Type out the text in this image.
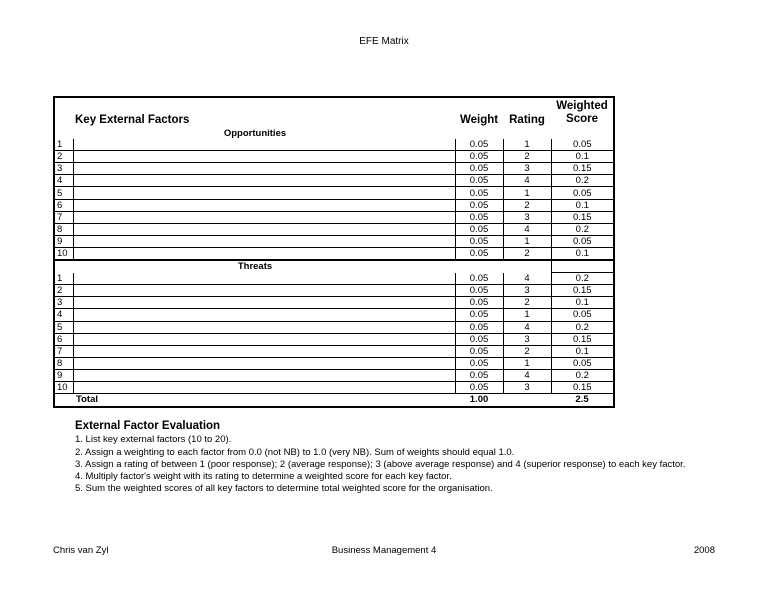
EFE Matrix
Key External Factors		Weight	Rating	Weighted
Score
Opportunities				
1		0.05	1	0.05
2		0.05	2	0.1
3		0.05	3	0.15
4		0.05	4	0.2
5		0.05	1	0.05
6		0.05	2	0.1
7		0.05	3	0.15
8		0.05	4	0.2
9		0.05	1	0.05
10		0.05	2	0.1
Threats				
1		0.05	4	0.2
2		0.05	3	0.15
3		0.05	2	0.1
4		0.05	1	0.05
5		0.05	4	0.2
6		0.05	3	0.15
7		0.05	2	0.1
8		0.05	1	0.05
9		0.05	4	0.2
10		0.05	3	0.15
	Total	1.00		2.5
External Factor Evaluation
1. List key external factors (10 to 20).
2. Assign a weighting to each factor from 0.0 (not NB) to 1.0 (very NB). Sum of weights should equal 1.0.
3. Assign a rating of between 1 (poor response); 2 (average response); 3 (above average response) and 4 (superior response) to each key factor.
4. Multiply factor's weight with its rating to determine a weighted score for each key factor.
5. Sum the weighted scores of all key factors to determine total weighted score for the organisation.
Chris van Zyl	Business Management 4	2008
